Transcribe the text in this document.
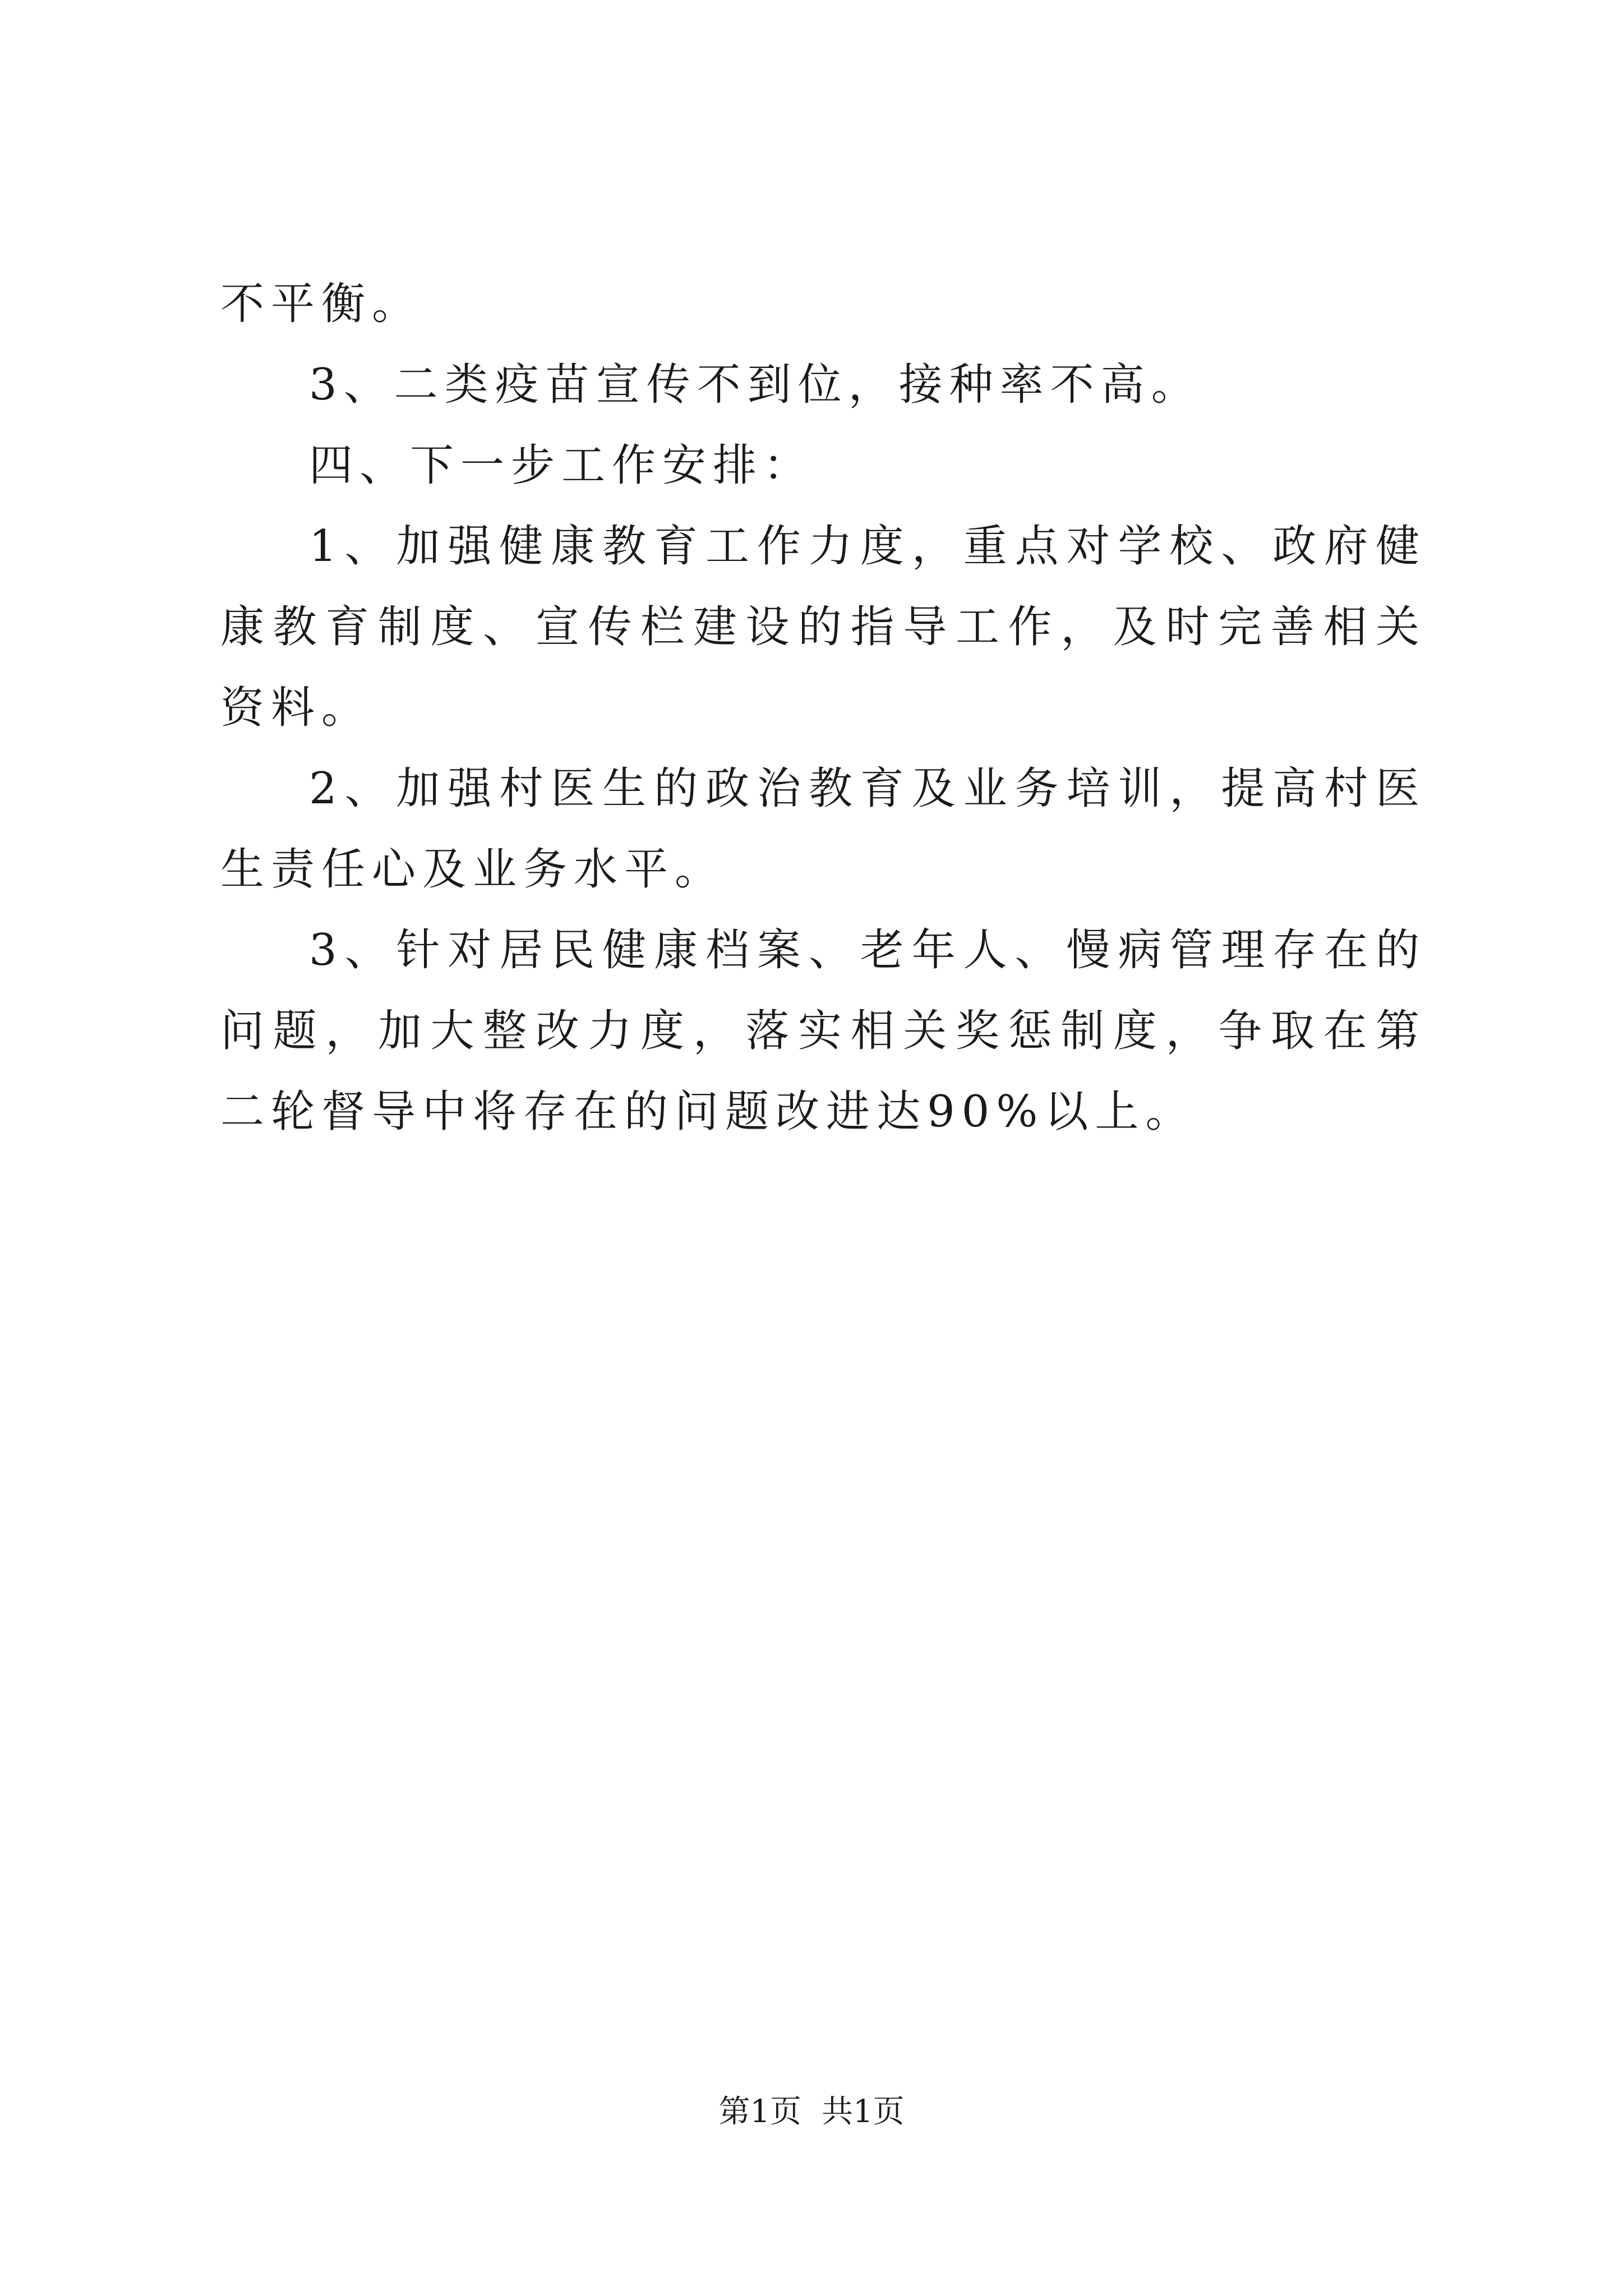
不平衡。

3、二类疫苗宣传不到位，接种率不高。

四、下一步工作安排：

1、加强健康教育工作力度，重点对学校、政府健康教育制度、宣传栏建设的指导工作，及时完善相关资料。

2、加强村医生的政治教育及业务培训，提高村医生责任心及业务水平。

3、针对居民健康档案、老年人、慢病管理存在的问题，加大整改力度，落实相关奖惩制度，争取在第二轮督导中将存在的问题改进达90%以上。

第1页 共1页
